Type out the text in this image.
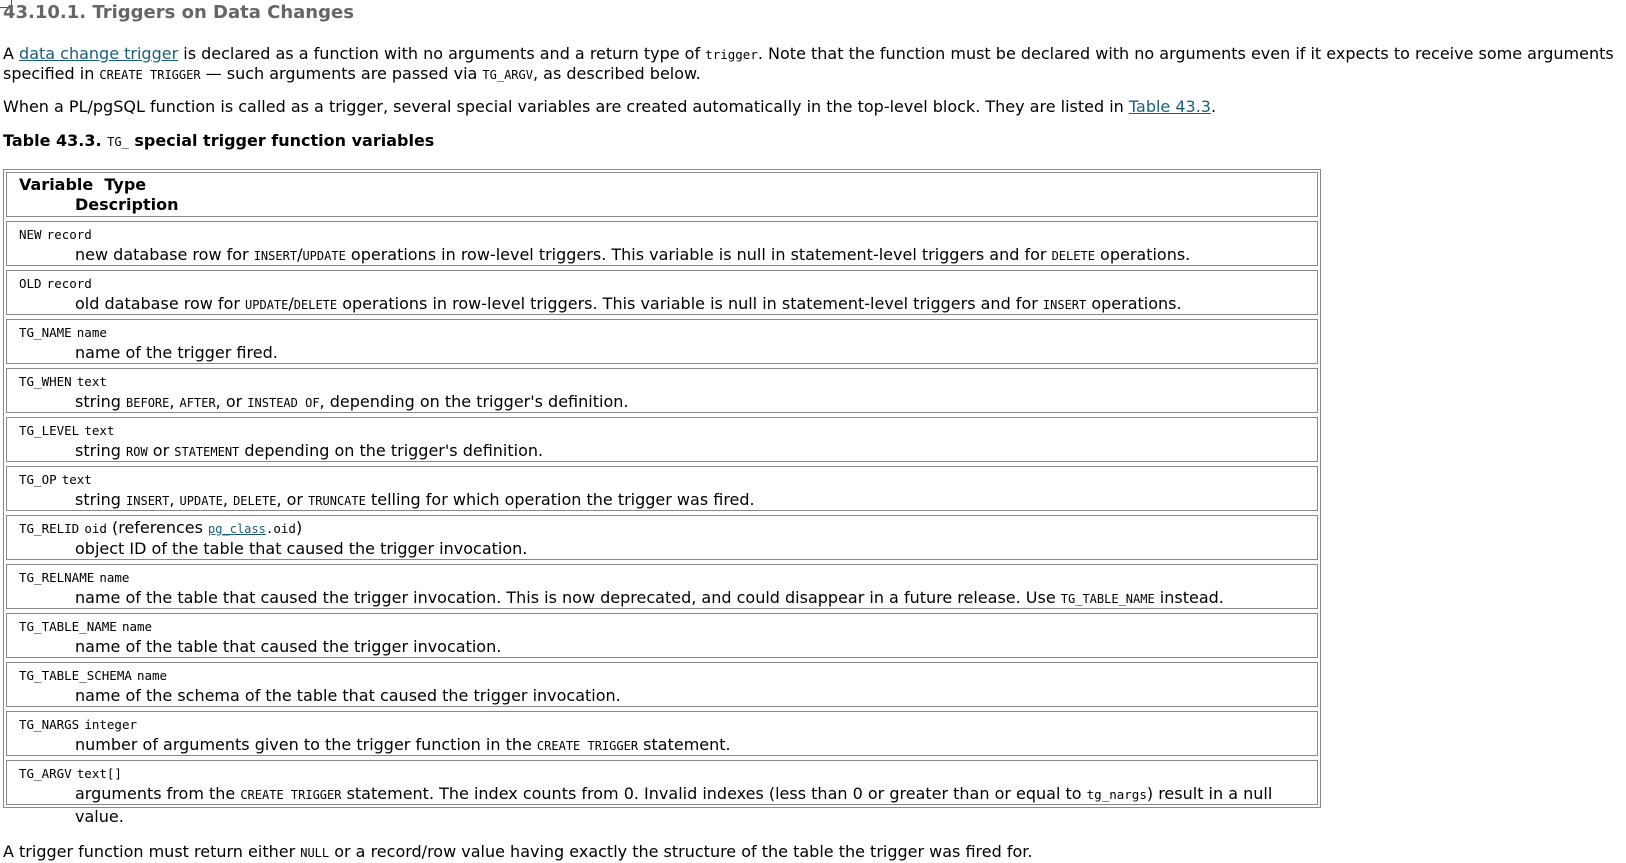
43.10.1. Triggers on Data Changes

A data change trigger is declared as a function with no arguments and a return type of trigger. Note that the function must be declared with no arguments even if it expects to receive some arguments specified in CREATE TRIGGER — such arguments are passed via TG_ARGV, as described below.

When a PL/pgSQL function is called as a trigger, several special variables are created automatically in the top-level block. They are listed in Table 43.3.

Table 43.3. TG_ special trigger function variables

Variable Type
Description
NEW record
new database row for INSERT/UPDATE operations in row-level triggers. This variable is null in statement-level triggers and for DELETE operations.
OLD record
old database row for UPDATE/DELETE operations in row-level triggers. This variable is null in statement-level triggers and for INSERT operations.
TG_NAME name
name of the trigger fired.
TG_WHEN text
string BEFORE, AFTER, or INSTEAD OF, depending on the trigger's definition.
TG_LEVEL text
string ROW or STATEMENT depending on the trigger's definition.
TG_OP text
string INSERT, UPDATE, DELETE, or TRUNCATE telling for which operation the trigger was fired.
TG_RELID oid (references pg_class.oid)
object ID of the table that caused the trigger invocation.
TG_RELNAME name
name of the table that caused the trigger invocation. This is now deprecated, and could disappear in a future release. Use TG_TABLE_NAME instead.
TG_TABLE_NAME name
name of the table that caused the trigger invocation.
TG_TABLE_SCHEMA name
name of the schema of the table that caused the trigger invocation.
TG_NARGS integer
number of arguments given to the trigger function in the CREATE TRIGGER statement.
TG_ARGV text[]
arguments from the CREATE TRIGGER statement. The index counts from 0. Invalid indexes (less than 0 or greater than or equal to tg_nargs) result in a null value.

A trigger function must return either NULL or a record/row value having exactly the structure of the table the trigger was fired for.
